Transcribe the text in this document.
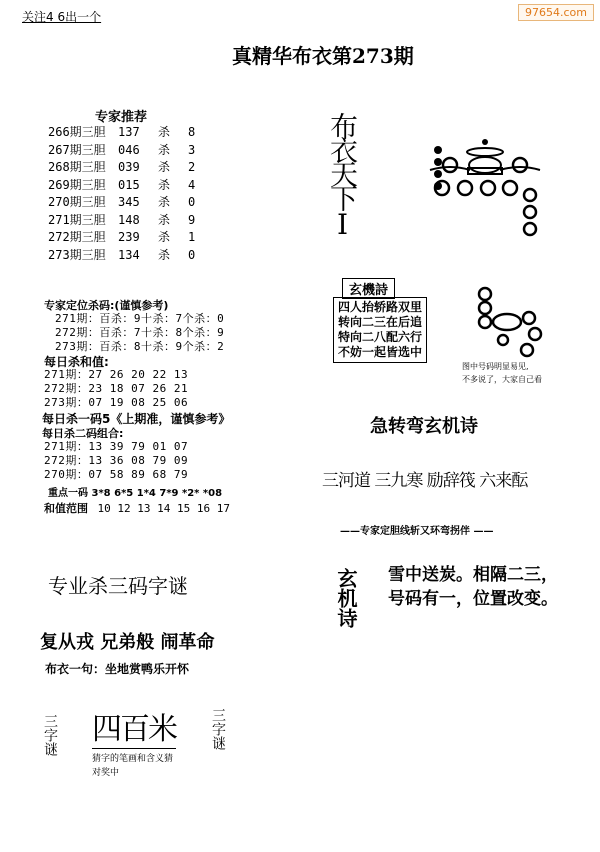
97654.com
关注4 6出一个
真精华布衣第273期
专家推荐
266期三胆	137	杀	8
267期三胆	046	杀	3
268期三胆	039	杀	2
269期三胆	015	杀	4
270期三胆	345	杀	0
271期三胆	148	杀	9
272期三胆	239	杀	1
273期三胆	134	杀	0
专家定位杀码:(谨慎参考)
271期：百杀：9十杀：7个杀：0
272期：百杀：7十杀：8个杀：9
273期：百杀：8十杀：9个杀：2
每日杀和值:
271期：27 26 20 22 13
272期：23 18 07 26 21
273期：07 19 08 25 06
每日杀一码5《上期准，谨慎参考》
每日杀二码组合:
271期：13 39 79 01 07
272期：13 36 08 79 09
270期：07 58 89 68 79
重点一码 3*8 6*5 1*4 7*9 *2* *08
和值范围 10 12 13 14 15 16 17
专业杀三码字谜
复从戎 兄弟般 闹革命
布衣一句：坐地赏鸭乐开怀
三字谜 四百米
猜字的笔画和含义猜
对奖中
三字谜
布衣天下I
玄機詩
四人抬轿路双里
转向二三在后追
特向二八配六行
不妨一起皆选中
图中号码明显易见,
不多说了，大家自己看
急转弯玄机诗
三河道 三九寒 励辞筏 六来酝
——专家定胆线斩又环弯拐伴 ——
玄机诗 雪中送炭。相隔二三，
号码有一，位置改变。
